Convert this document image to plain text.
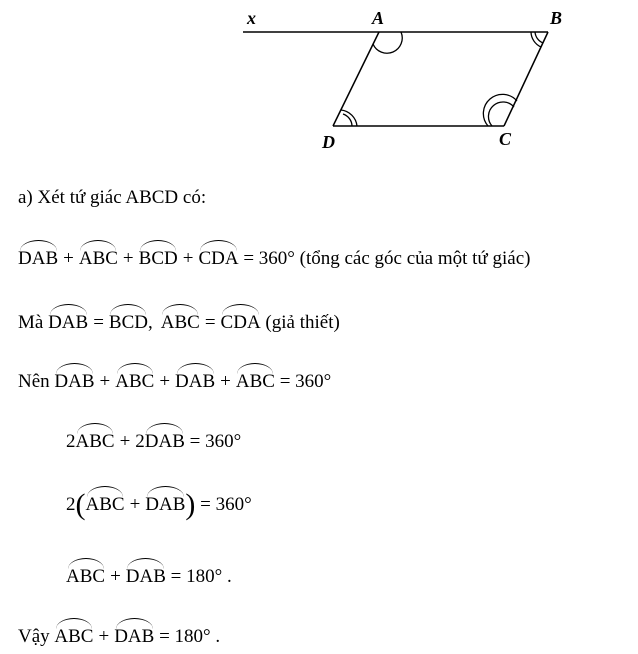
x	A	B
C
D
a) Xét tứ giác ABCD có:
DAB + ABC + BCD + CDA = 360° (tổng các góc của một tứ giác)
Mà DAB = BCD, ABC = CDA (giả thiết)
Nên DAB + ABC + DAB + ABC = 360°
2ABC + 2DAB = 360°
2(ABC + DAB) = 360°
ABC + DAB = 180° .
Vậy ABC + DAB = 180° .
